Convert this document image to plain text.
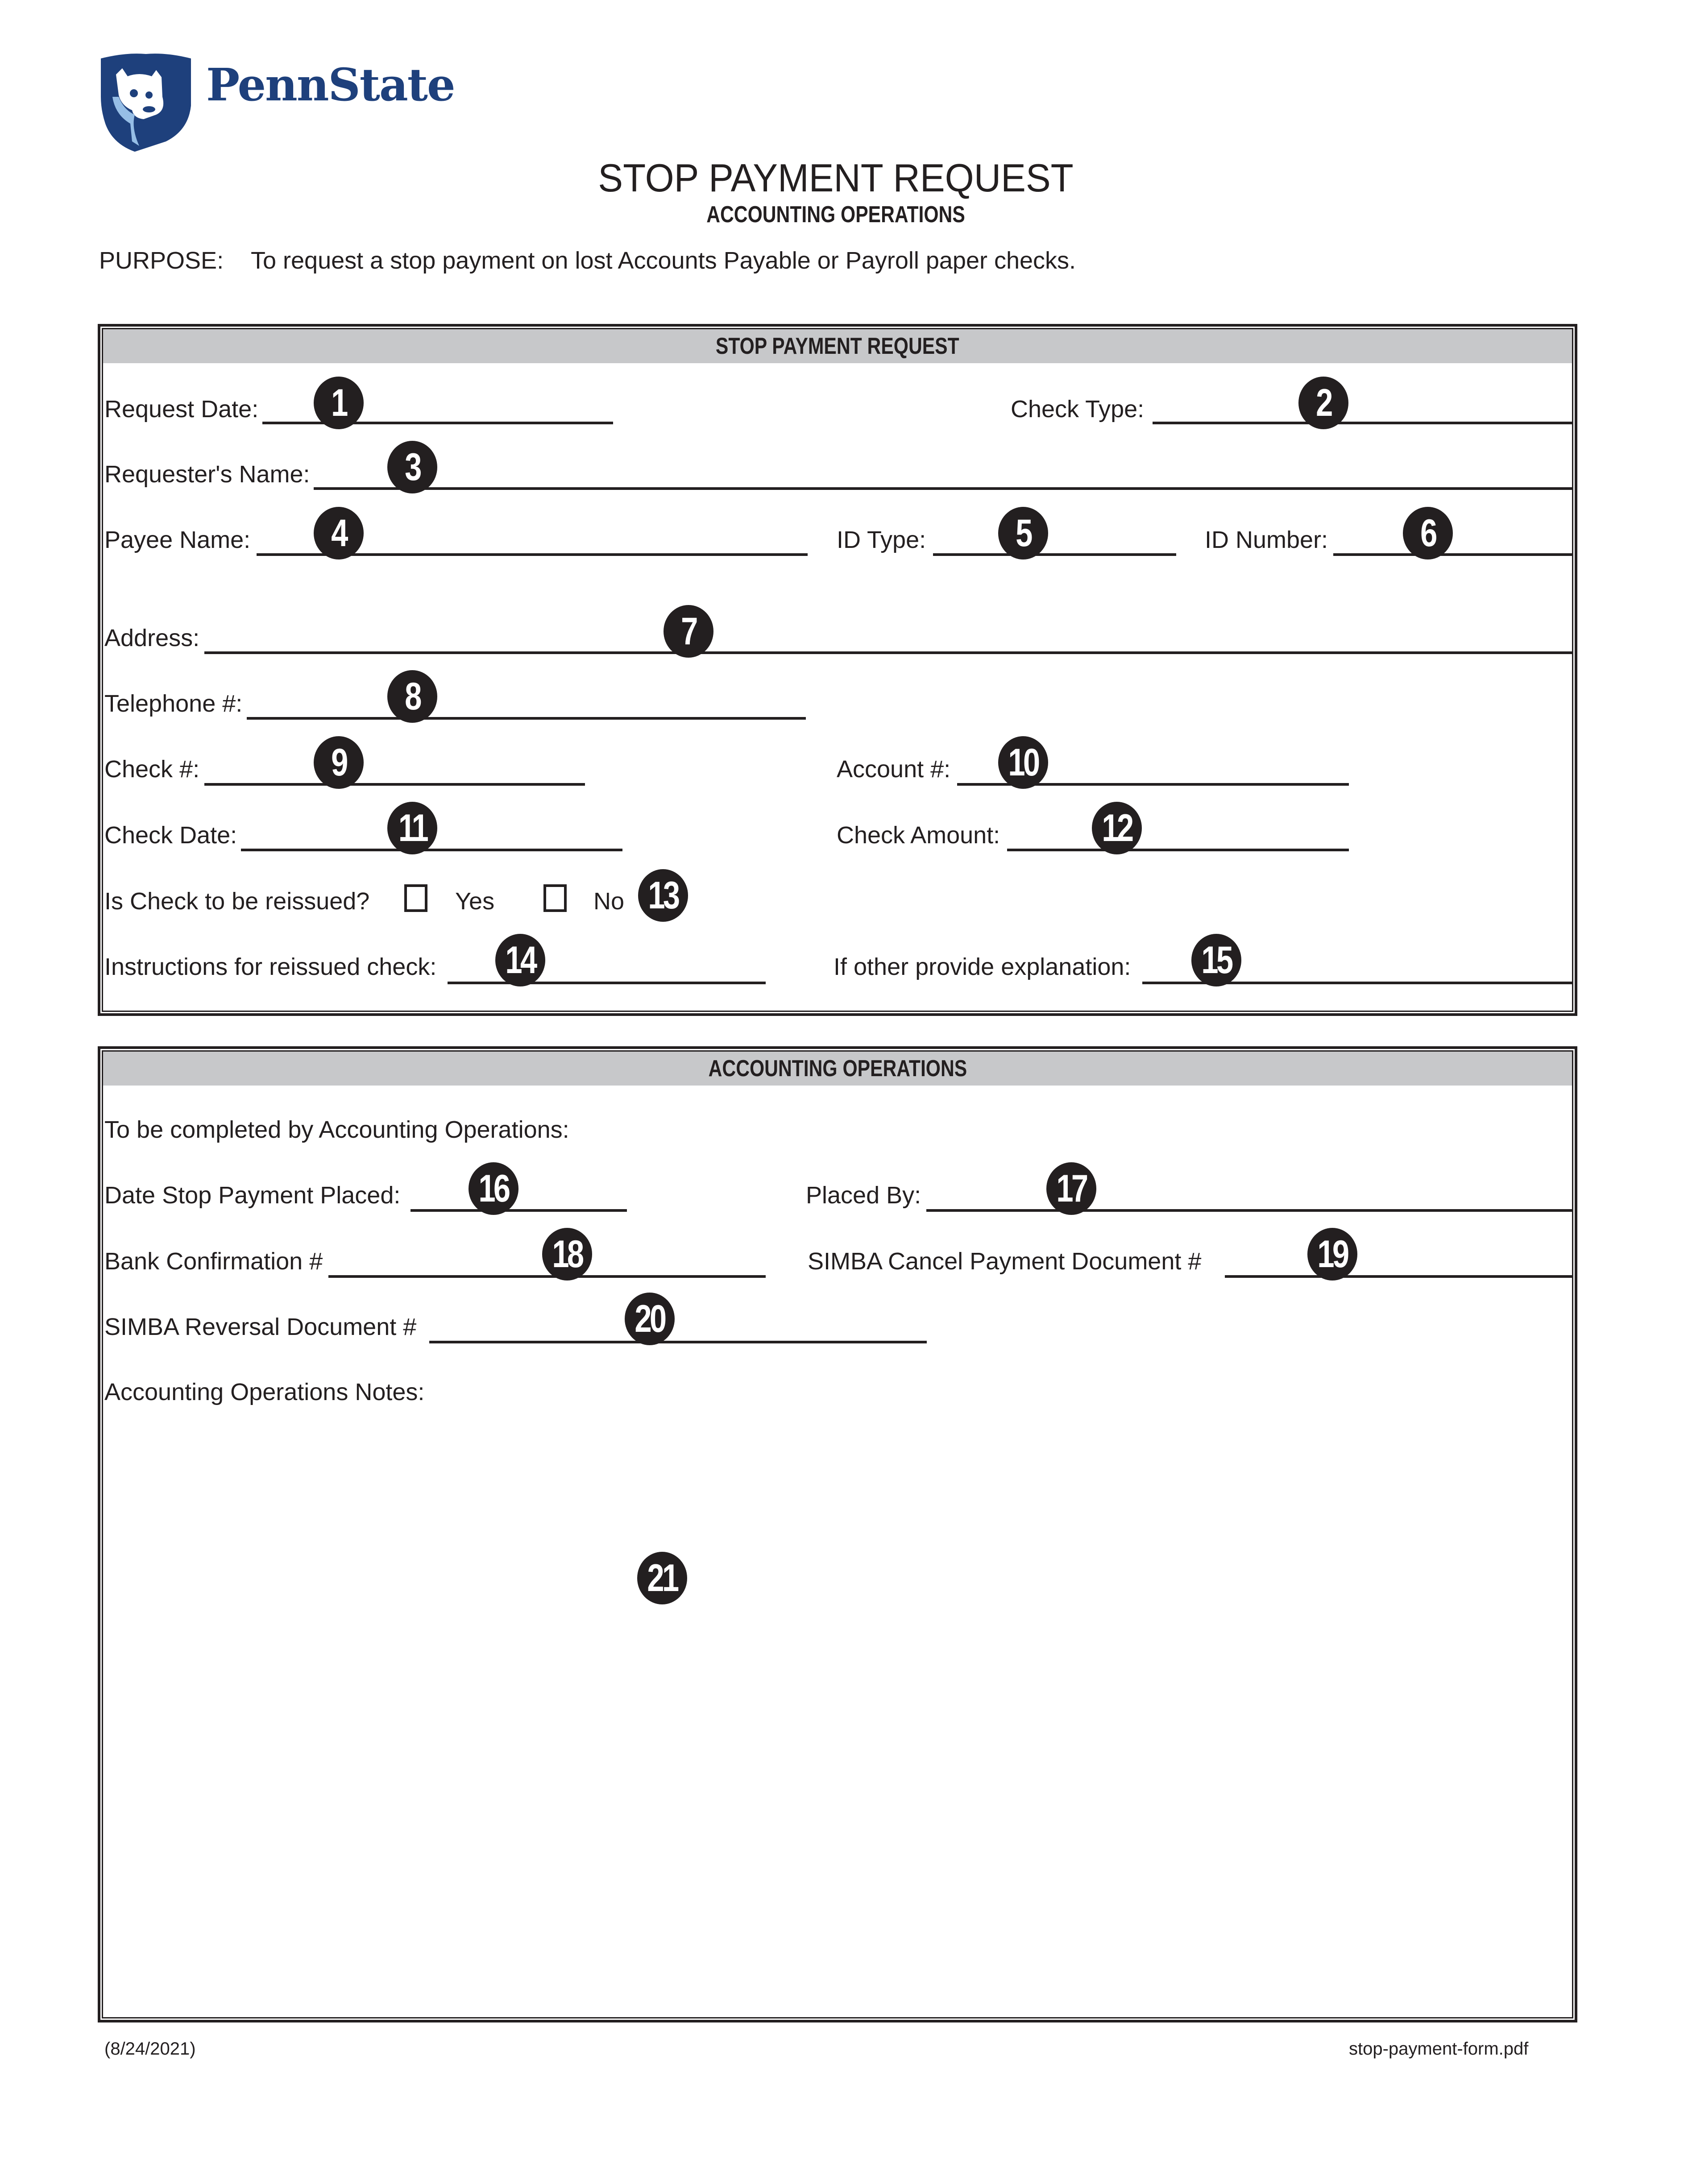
PennState
STOP PAYMENT REQUEST
ACCOUNTING OPERATIONS
PURPOSE: To request a stop payment on lost Accounts Payable or Payroll paper checks.
STOP PAYMENT REQUEST
Request Date:	1	Check Type:	2
Requester's Name:	3
Payee Name:	4	ID Type:	5	ID Number:	6
Address:	7
Telephone #:	8
Check #:	9	Account #: 10
Check Date:	11	Check Amount:	12
Is Check to be reissued?	Yes	No 13
Instructions for reissued check: 14	If other provide explanation: 15
ACCOUNTING OPERATIONS
To be completed by Accounting Operations:
Date Stop Payment Placed: 16	Placed By:	17
Bank Confirmation #	18	SIMBA Cancel Payment Document #	19
SIMBA Reversal Document #	20
Accounting Operations Notes:
21
(8/24/2021)	stop-payment-form.pdf
